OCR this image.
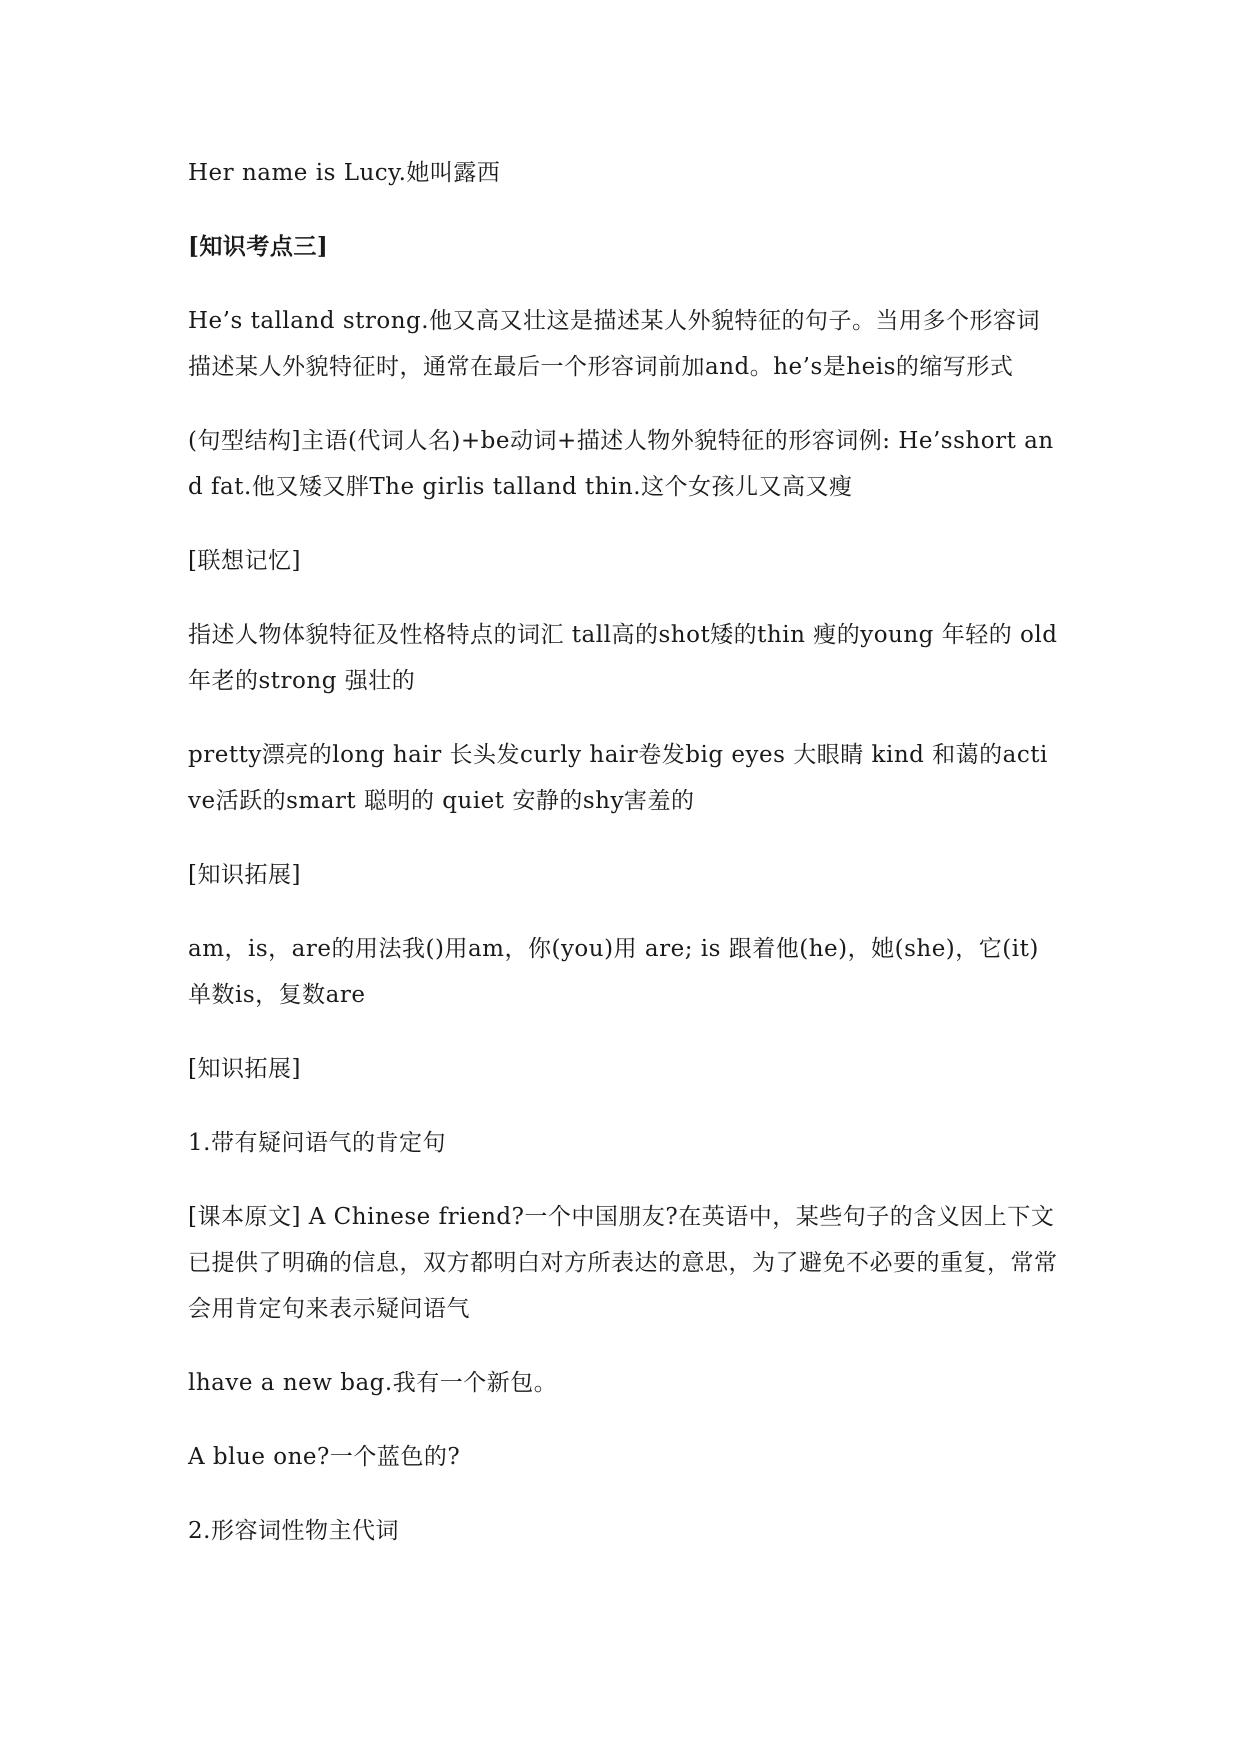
Her name is Lucy.她叫露西

[知识考点三]

He’s talland strong.他又高又壮这是描述某人外貌特征的句子。当用多个形容词描述某人外貌特征时，通常在最后一个形容词前加and。he’s是heis的缩写形式

(句型结构]主语(代词人名)+be动词+描述人物外貌特征的形容词例: He’sshort and fat.他又矮又胖The girlis talland thin.这个女孩儿又高又瘦

[联想记忆]

指述人物体貌特征及性格特点的词汇 tall高的shot矮的thin 瘦的young 年轻的 old 年老的strong 强壮的

pretty漂亮的long hair 长头发curly hair卷发big eyes 大眼睛 kind 和蔼的active活跃的smart 聪明的 quiet 安静的shy害羞的

[知识拓展]

am，is，are的用法我()用am，你(you)用 are; is 跟着他(he)，她(she)，它(it)单数is，复数are

[知识拓展]

1.带有疑问语气的肯定句

[课本原文] A Chinese friend?一个中国朋友?在英语中，某些句子的含义因上下文已提供了明确的信息，双方都明白对方所表达的意思，为了避免不必要的重复，常常会用肯定句来表示疑问语气

lhave a new bag.我有一个新包。

A blue one?一个蓝色的?

2.形容词性物主代词
